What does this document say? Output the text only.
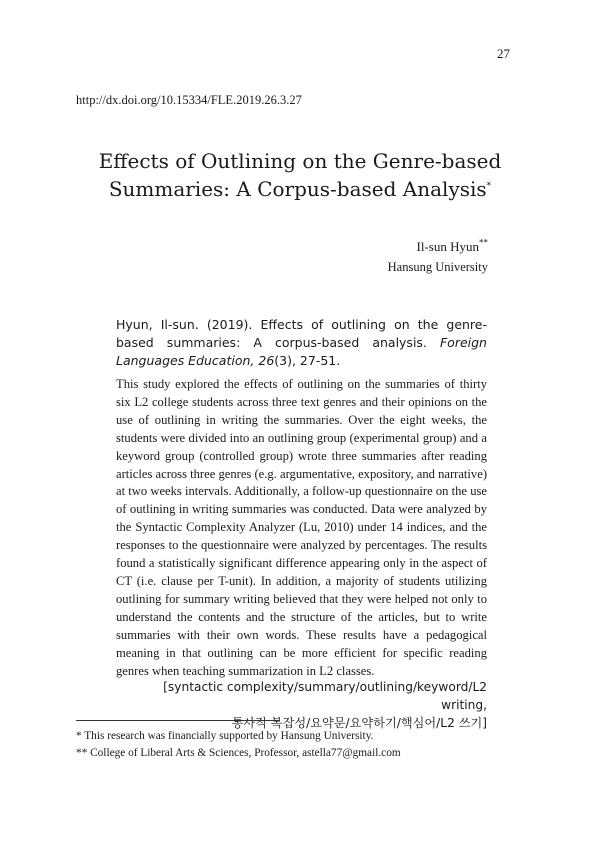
27
http://dx.doi.org/10.15334/FLE.2019.26.3.27
Effects of Outlining on the Genre-based
Summaries: A Corpus-based Analysis*
Il-sun Hyun**
Hansung University
Hyun, Il-sun. (2019). Effects of outlining on the genre-based summaries: A corpus-based analysis. Foreign Languages Education, 26(3), 27-51.

This study explored the effects of outlining on the summaries of thirty six L2 college students across three text genres and their opinions on the use of outlining in writing the summaries. Over the eight weeks, the students were divided into an outlining group (experimental group) and a keyword group (controlled group) wrote three summaries after reading articles across three genres (e.g. argumentative, expository, and narrative) at two weeks intervals. Additionally, a follow-up questionnaire on the use of outlining in writing summaries was conducted. Data were analyzed by the Syntactic Complexity Analyzer (Lu, 2010) under 14 indices, and the responses to the questionnaire were analyzed by percentages. The results found a statistically significant difference appearing only in the aspect of CT (i.e. clause per T-unit). In addition, a majority of students utilizing outlining for summary writing believed that they were helped not only to understand the contents and the structure of the articles, but to write summaries with their own words. These results have a pedagogical meaning in that outlining can be more efficient for specific reading genres when teaching summarization in L2 classes.

[syntactic complexity/summary/outlining/keyword/L2 writing,
통사적 복잡성/요약문/요약하기/핵심어/L2 쓰기]
* This research was financially supported by Hansung University.
** College of Liberal Arts & Sciences, Professor, astella77@gmail.com
